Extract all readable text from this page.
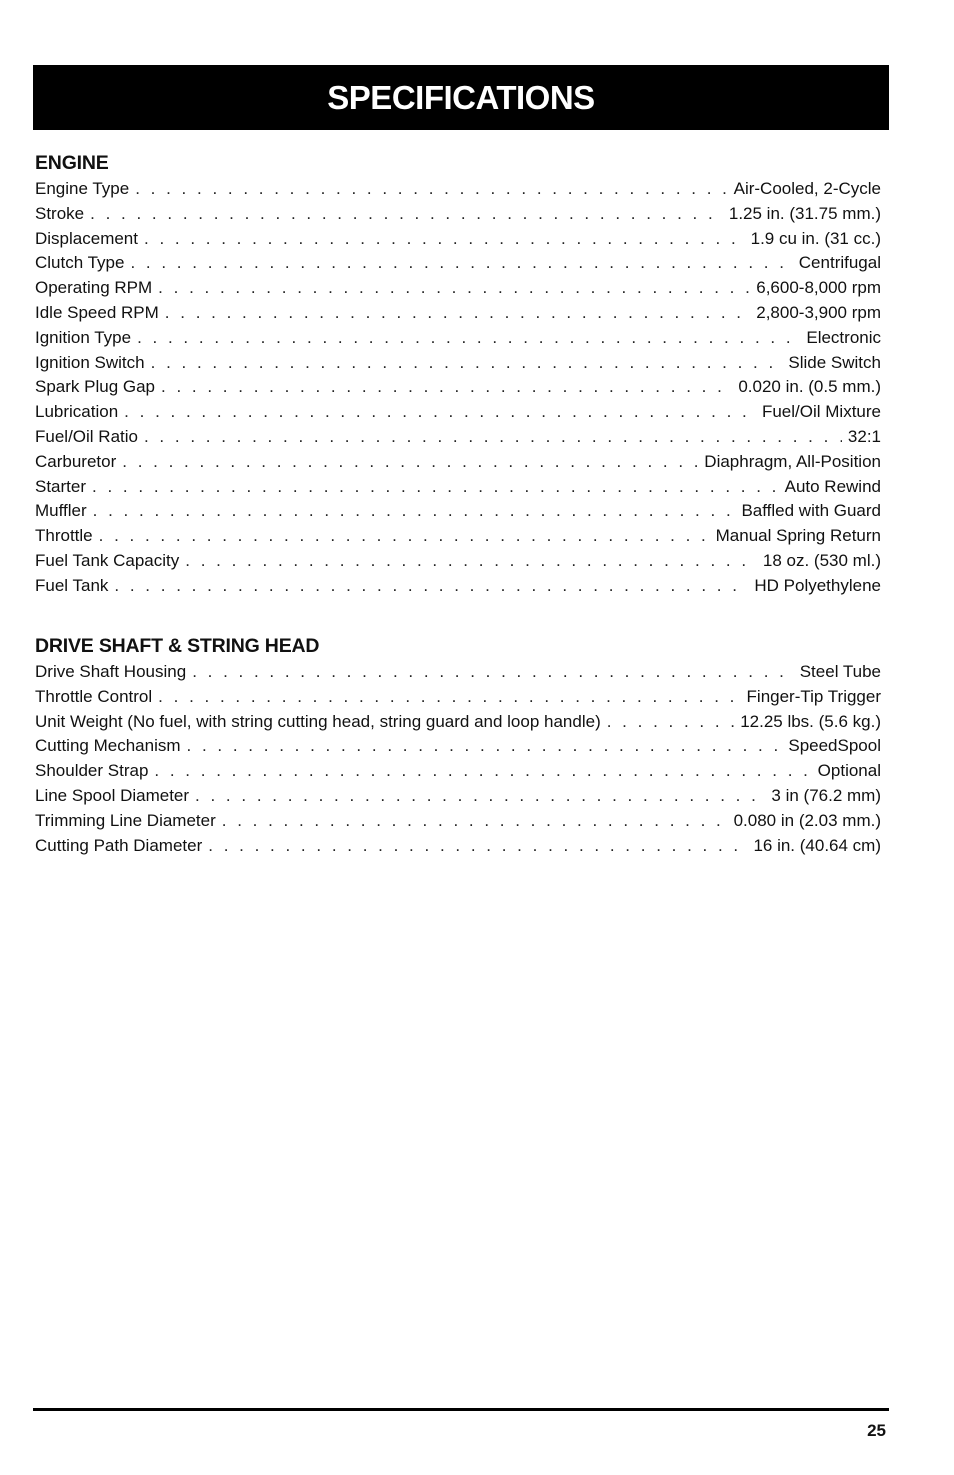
SPECIFICATIONS
ENGINE
Engine Type . . .	Air-Cooled, 2-Cycle
Stroke . . .	1.25 in. (31.75 mm.)
Displacement . . .	1.9 cu in. (31 cc.)
Clutch Type . . .	Centrifugal
Operating RPM . . .	6,600-8,000 rpm
Idle Speed RPM . . .	2,800-3,900 rpm
Ignition Type . . .	Electronic
Ignition Switch . . .	Slide Switch
Spark Plug Gap . . .	0.020 in. (0.5 mm.)
Lubrication . . .	Fuel/Oil Mixture
Fuel/Oil Ratio . . .	32:1
Carburetor . . .	Diaphragm, All-Position
Starter . . .	Auto Rewind
Muffler . . .	Baffled with Guard
Throttle . . .	Manual Spring Return
Fuel Tank Capacity . . .	18 oz. (530 ml.)
Fuel Tank . . .	HD Polyethylene
DRIVE SHAFT & STRING HEAD
Drive Shaft Housing . . .	Steel Tube
Throttle Control . . .	Finger-Tip Trigger
Unit Weight (No fuel, with string cutting head, string guard and loop handle) . . .	12.25 lbs. (5.6 kg.)
Cutting Mechanism . . .	SpeedSpool
Shoulder Strap . . .	Optional
Line Spool Diameter . . .	3 in (76.2 mm)
Trimming Line Diameter . . .	0.080 in (2.03 mm.)
Cutting Path Diameter . . .	16 in. (40.64 cm)
25
